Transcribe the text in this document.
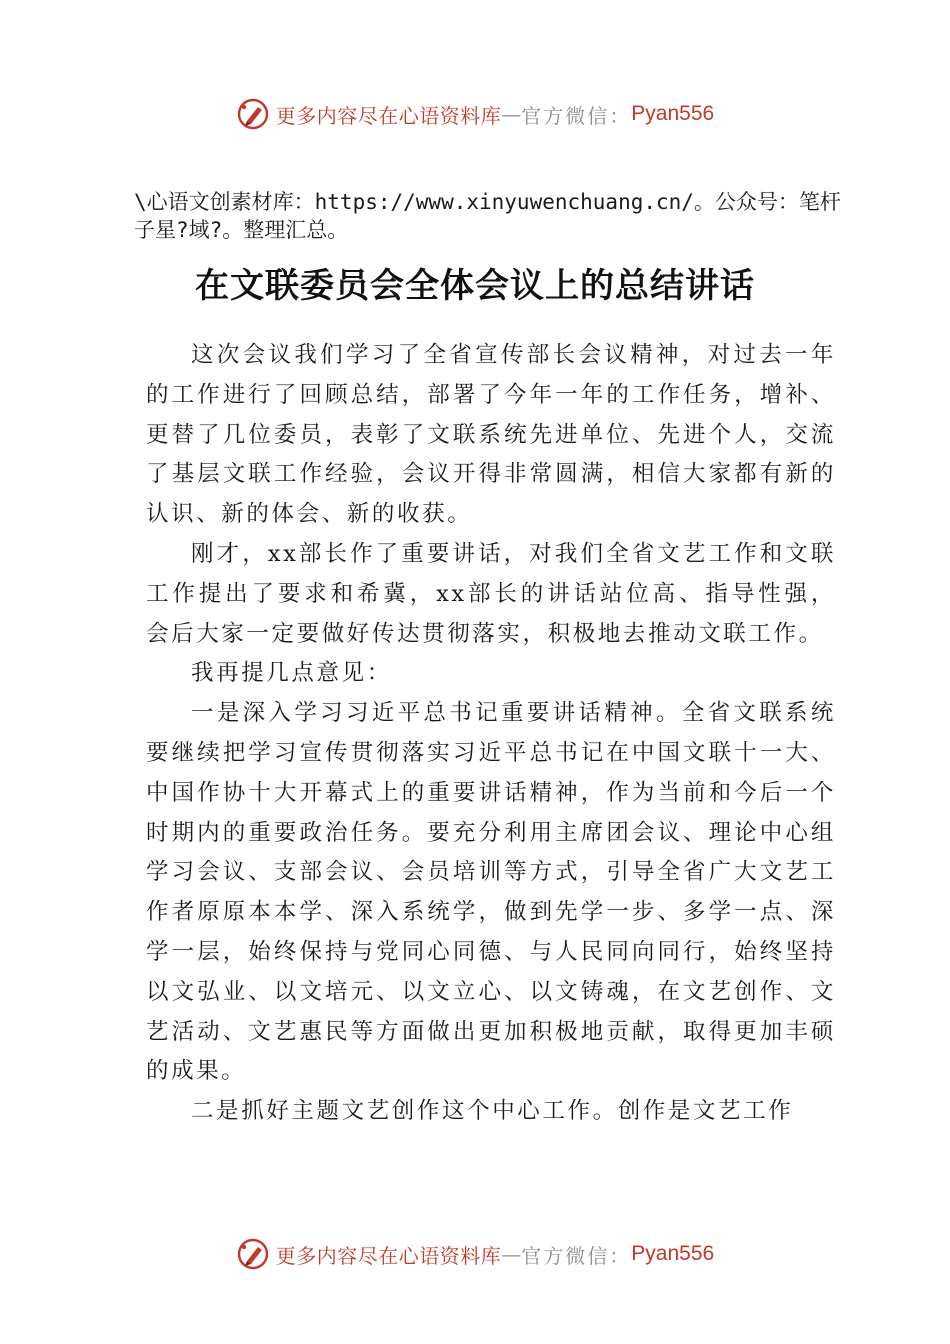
更多内容尽在心语资料库 — 官方微信： Pyan556
\心语文创素材库：https://www.xinyuwenchuang.cn/。公众号：笔杆子星?域?。整理汇总。
在文联委员会全体会议上的总结讲话

这次会议我们学习了全省宣传部长会议精神，对过去一年的工作进行了回顾总结，部署了今年一年的工作任务，增补、更替了几位委员，表彰了文联系统先进单位、先进个人，交流了基层文联工作经验，会议开得非常圆满，相信大家都有新的认识、新的体会、新的收获。

刚才，xx部长作了重要讲话，对我们全省文艺工作和文联工作提出了要求和希冀，xx部长的讲话站位高、指导性强， 会后大家一定要做好传达贯彻落实，积极地去推动文联工作。

我再提几点意见：

一是深入学习习近平总书记重要讲话精神。全省文联系统要继续把学习宣传贯彻落实习近平总书记在中国文联十一大、中国作协十大开幕式上的重要讲话精神，作为当前和今后一个时期内的重要政治任务。要充分利用主席团会议、理论中心组学习会议、支部会议、会员培训等方式，引导全省广大文艺工作者原原本本学、深入系统学，做到先学一步、多学一点、深学一层，始终保持与党同心同德、与人民同向同行，始终坚持以文弘业、以文培元、以文立心、以文铸魂，在文艺创作、文艺活动、文艺惠民等方面做出更加积极地贡献，取得更加丰硕的成果。

二是抓好主题文艺创作这个中心工作。创作是文艺工作

更多内容尽在心语资料库 — 官方微信： Pyan556
